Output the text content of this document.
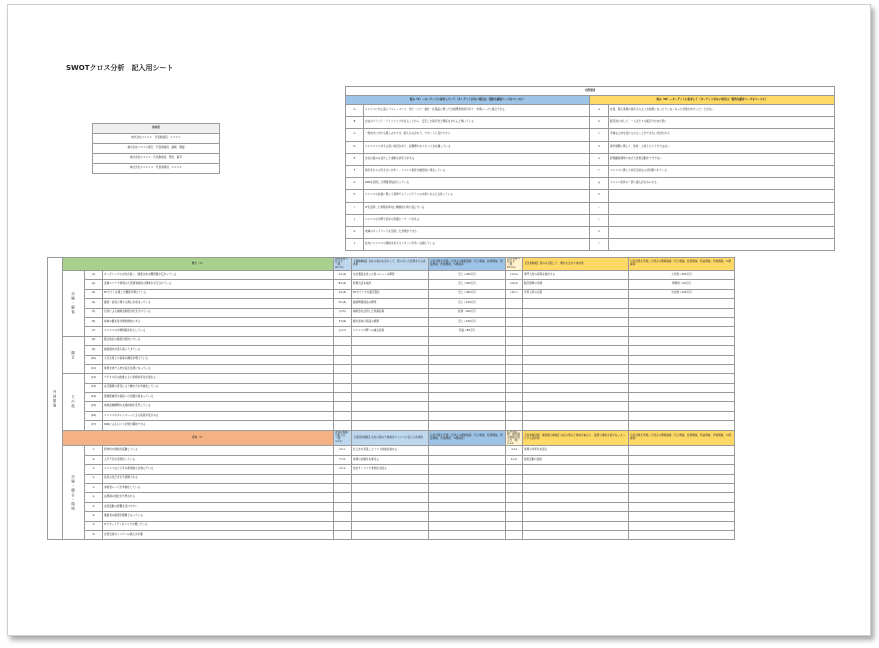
SWOTクロス分析　記入用シート
参加者
株式会社＊＊＊＊　代表取締役　＊＊＊＊
株式会社＊＊＊＊銀行　代表取締役　藤崎　間藤
株式会社＊＊＊＊　代表取締役　豊田　藤平
株式会社＊＊＊＊＊　代表取締役　＊＊＊＊
内部要因			
強み（S）…ターゲットに訴求していて（ターゲットがない場合は一般的な顧客ニーズをベースに）		弱み（W）…ターゲットに訴求して（ターゲットがない場合は一般的な顧客ニーズをベースに）	
A	＊＊＊＊に対し高いパフォーマンス、同じハイブ・格好・社風品に関して自前開発技術があり、市場ニーズに適合できる	a	社員、個人業務の案件そのような結果になったりしなくなった状態が多かったことがない
B	自社のブランド・ラインナップがあることから、安定した取引先と関係をきちんと築いている	b	販売員に対して、一人当たりの販売力がまだ低い
C	一般向けに対する親しみやすさ、抱え込みがあり、サポートも受けやすい	c	多様な人材を受け入れることができない状況がある
D	＊＊＊＊＊に対する深い知見があり、経験豊かなスタッフが在籍している	d	海外展開に関して、知見・人材ともに十分ではない
E	自社の強みを活かした柔軟な対応力がある	e	新規顧客獲得に向けた営業活動が十分でない
F	取引先からの引き合いが多く、＊＊＊＊案件が継続的に発生している	f	＊＊＊＊に関して対応可能な人材が限られている
G	SNSを活用した情報発信を行っている	g	＊＊＊＊案件の一部に属人化がみられる
H	＊＊＊＊の技術に関して業界でもトップクラスの水準にあると自負している	h	
I	ITを活用した業務効率化に積極的に取り組んでいる	i	
J	＊＊＊＊の分野で長年の実績とノウハウがある	j	
K	地域のネットワークを活用した営業ができる	k	
L	社内に＊＊＊＊の資格を有するスタッフが多く在籍している	l	
外部環境	機会（O）			積極戦略の組合せ（例：O1×A）	【積極戦略】自社の強みを活かして、思い切った投資をする具体策	左記対策を実施した場合の概算数値（売上増減、経費増減、利益増減、件数増減、%増減等）	改善戦略の組合せ（例：O1×a）	【改善戦略】弱みを克服して、機会を活かす具体策	左記対策を実施した場合の概算数値（売上増減、経費増減、利益増減、件数増減、%増減等）
	市場・顧客	(1)	オーガニックの志向が高く、健康志向の購買層が広がっている	A×(1)	自社製品を使った新メニューの開発	売上＋200万円	(1)×a	専門人材の採用を検討する	人件費＋300万円
		(2)	近隣エリアで新規の大型商業施設の開業が予定されている	B×(2)	新規出店を検討	売上＋500万円	(2)×b	販売研修の実施	研修費＋50万円
		(3)	ECサイトを通じた購買が増えている	A×(3)	ECサイトでの販売強化	売上＋300万円	(3)×c	外部人材の活用	外注費＋100万円
		(4)	健康・美容に関する関心が高まっている	D×(4)	健康関連商品の開発	売上＋150万円			
		(5)	行政による補助金制度が拡充されている	J×(5)	補助金を活用した設備投資	経費－200万円			
		(6)	地域の観光客が増加傾向にある	F×(6)	観光客向け商品の展開	売上＋100万円			
		(7)	＊＊＊＊の市場規模が拡大している	J×(7)	＊＊＊＊分野への重点投資	利益＋80万円			
	競合	(8)	競合他社の撤退が相次いでいる						
		(9)	価格競争が落ち着いてきている						
		(10)	大手企業との協業の機会が増えている						
		(11)	業界全体で人材交流が活発になっている						
	その他	(12)	デジタル化の推進により業務効率化が図れる						
		(13)	在宅勤務の普及により働き方が多様化している						
		(14)	環境配慮型の商品への需要が高まっている						
		(15)	地域金融機関の支援体制が充実している						
		(16)	＊＊＊＊のキャンペーンによる集客が見込める						
		(17)	SNSによる口コミ効果が期待できる						
	脅威（T）			差別化戦略の組合せ（例：①×A）	【差別化戦略】自社の強みで脅威をチャンスに変える具体策	左記対策を実施した場合の概算数値（売上増減、経費増減、利益増減、件数増減、%増減等）	致命傷回避・撤退縮小戦略の組合せ（例：①×a）	【致命傷回避・撤退縮小戦略】自社の弱みと脅威が重なり、最悪の事態を招かないようにする具体策	左記対策を実施した場合の概算数値（売上増減、経費増減、利益増減、件数増減、%増減等）
	市場・競合・環境	①	原材料の価格が高騰している	A×①	仕入先の見直しとコスト削減を進める		①×a	業務の効率化を図る	
		②	人手不足が深刻化している	F×②	業務の自動化を進める		b×②	採用活動の強化	
		③	＊＊＊＊など大手の新規参入が進んでいる	C×③	独自サービスで差別化を図る				
		④	景気の先行きが不透明である						
		⑤	消費者ニーズが多様化している						
		⑥	法規制の強化が予想される						
		⑦	為替変動の影響を受けやすい						
		⑧	後継者の確保が課題となっている						
		⑨	ITセキュリティのリスクが増している						
		⑩	自然災害のリスクへの備えが必要						
